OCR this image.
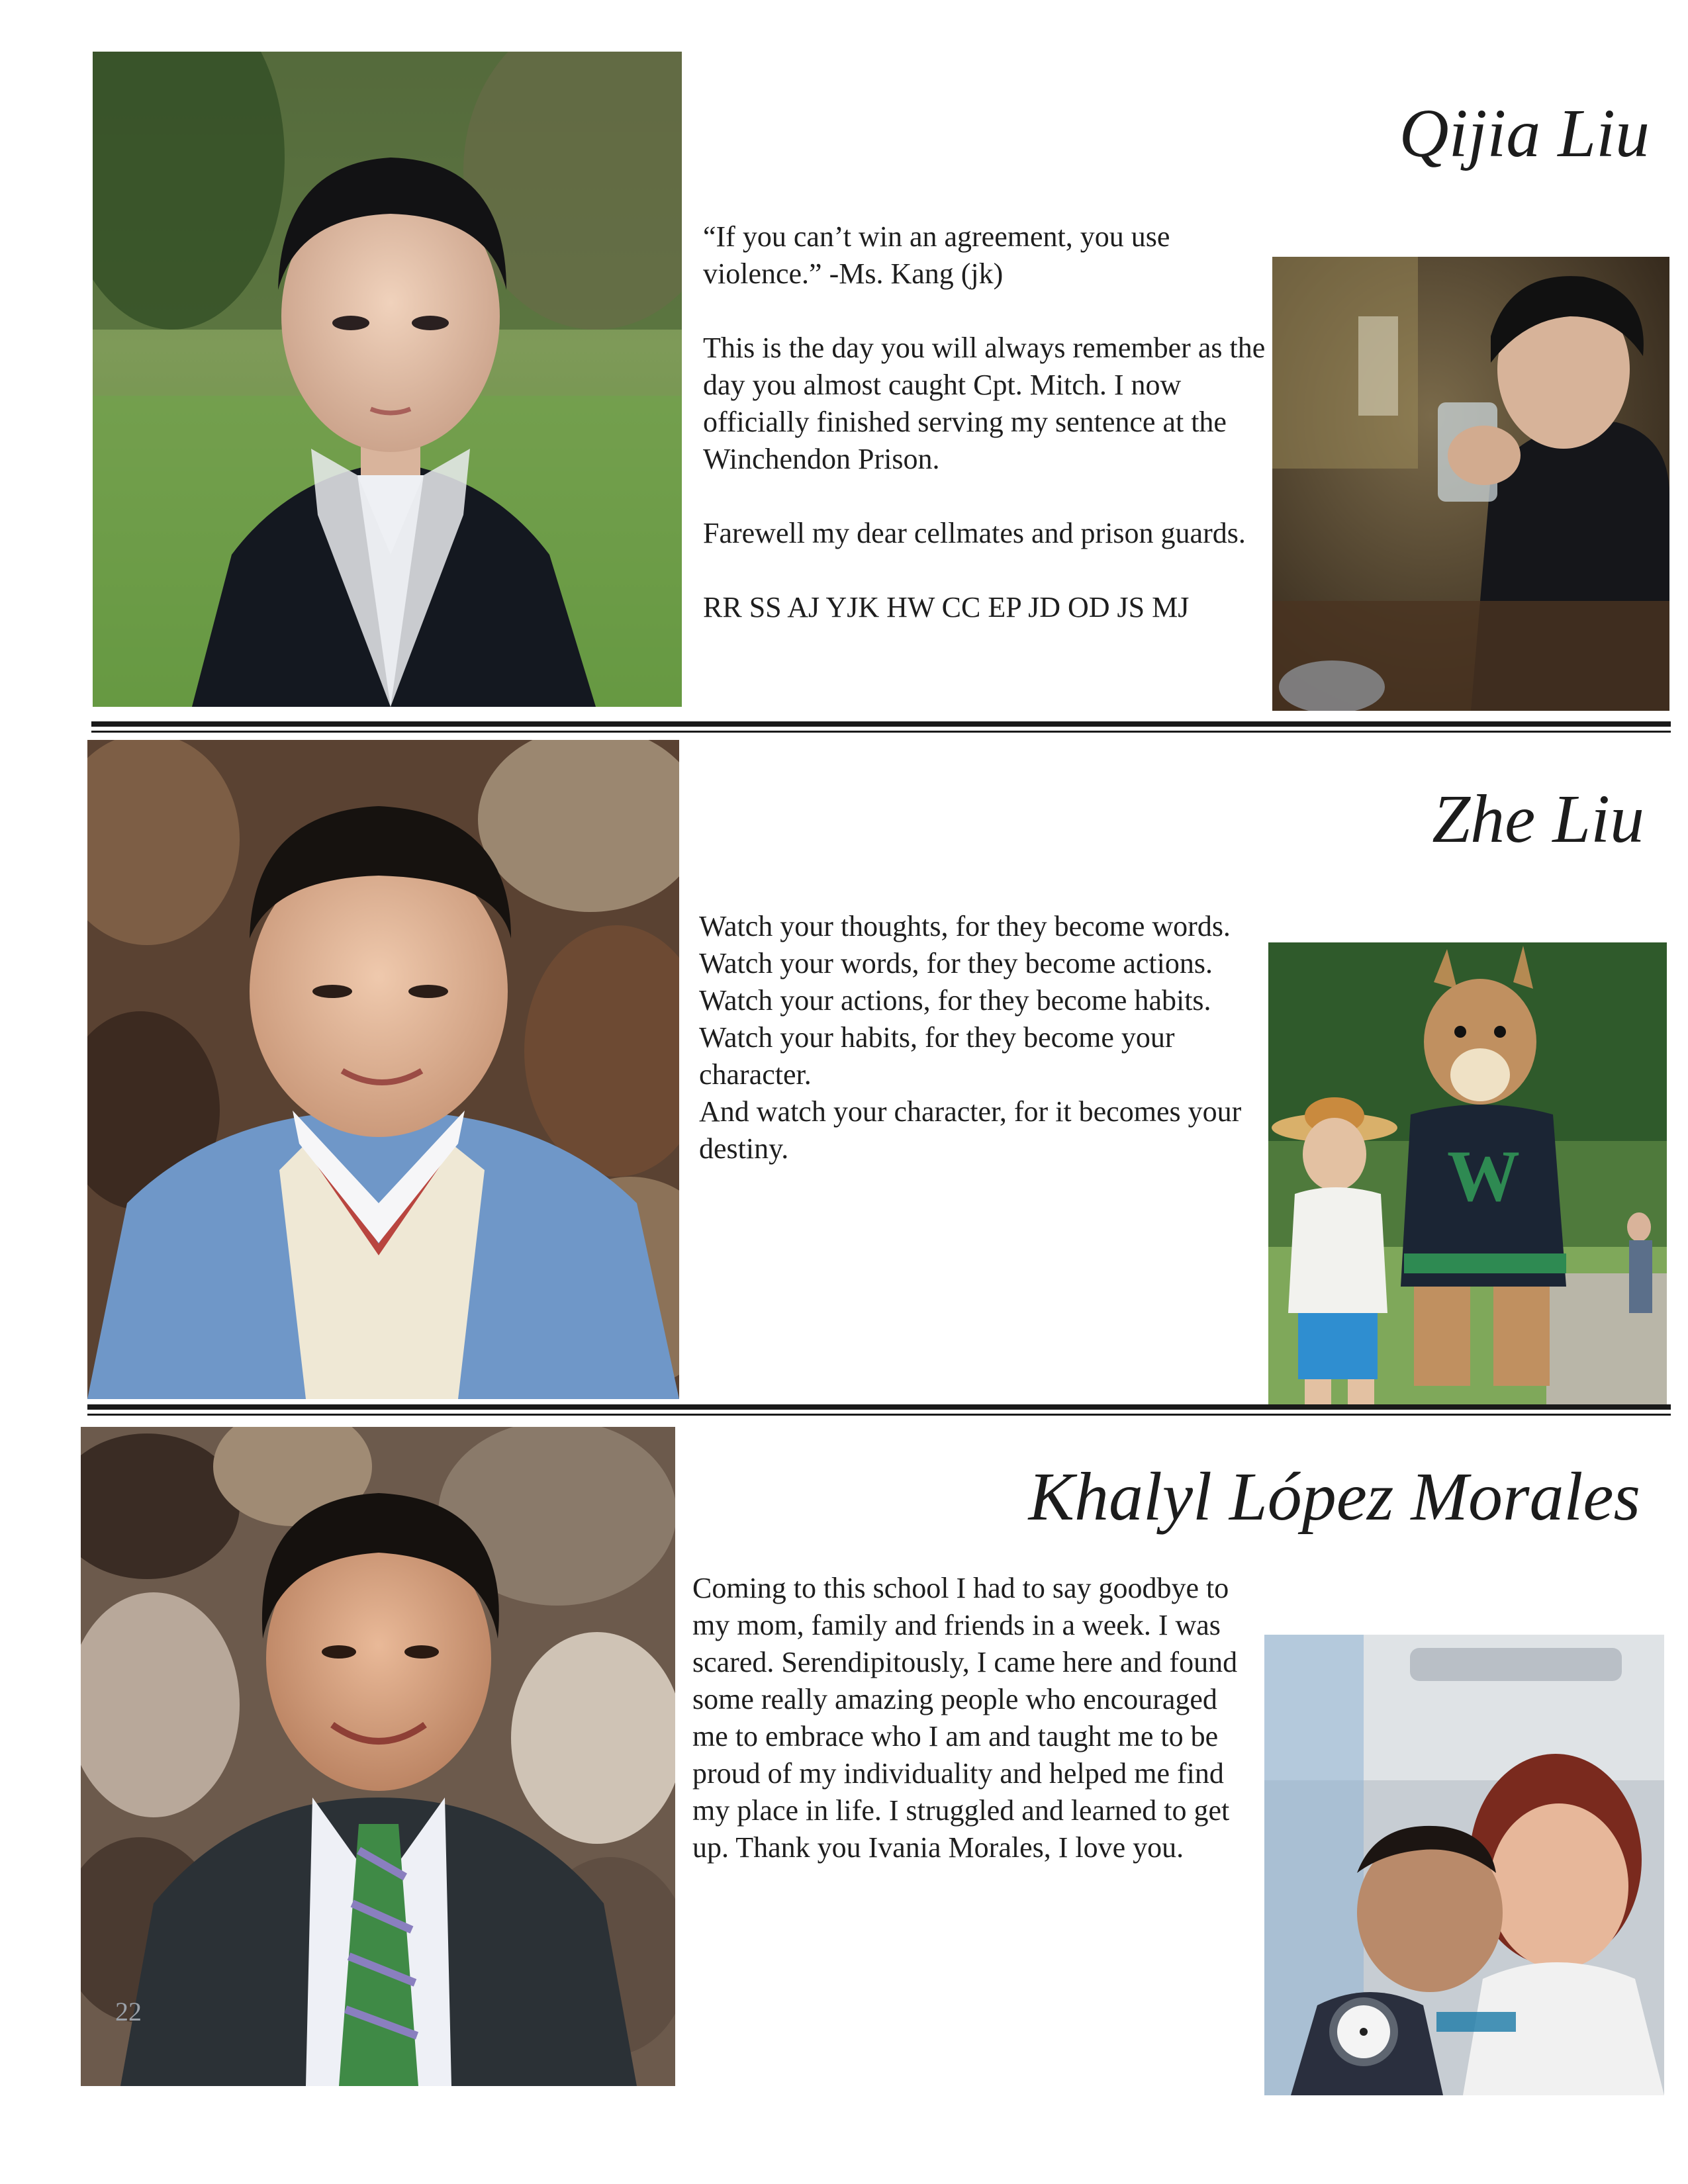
Qijia Liu

“If you can’t win an agreement, you use violence.” -Ms. Kang (jk)

This is the day you will always remember as the day you almost caught Cpt. Mitch. I now officially finished serving my sentence at the Winchendon Prison.

Farewell my dear cellmates and prison guards.

RR SS AJ YJK HW CC EP JD OD JS MJ

Zhe Liu
Watch your thoughts, for they become words.
Watch your words, for they become actions.
Watch your actions, for they become habits.
Watch your habits, for they become your character.
And watch your character, for it becomes your destiny.	W
22
Khalyl López Morales

Coming to this school I had to say goodbye to my mom, family and friends in a week. I was scared. Serendipitously, I came here and found some really amazing people who encouraged me to embrace who I am and taught me to be proud of my individuality and helped me find my place in life. I struggled and learned to get up. Thank you Ivania Morales, I love you.
